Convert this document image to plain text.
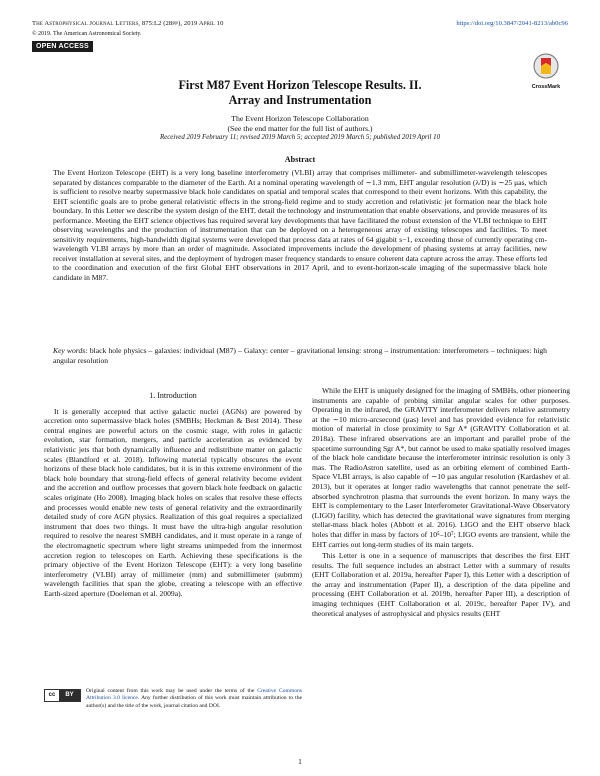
The Astrophysical Journal Letters, 875:L2 (28pp), 2019 April 10	https://doi.org/10.3847/2041-8213/ab0c96
© 2019. The American Astronomical Society.
OPEN ACCESS
CrossMark
First M87 Event Horizon Telescope Results. II.
Array and Instrumentation
The Event Horizon Telescope Collaboration
(See the end matter for the full list of authors.)
Received 2019 February 11; revised 2019 March 5; accepted 2019 March 5; published 2019 April 10
Abstract
The Event Horizon Telescope (EHT) is a very long baseline interferometry (VLBI) array that comprises millimeter- and submillimeter-wavelength telescopes separated by distances comparable to the diameter of the Earth. At a nominal operating wavelength of ∼1.3 mm, EHT angular resolution (λ/D) is ∼25 μas, which is sufficient to resolve nearby supermassive black hole candidates on spatial and temporal scales that correspond to their event horizons. With this capability, the EHT scientific goals are to probe general relativistic effects in the strong-field regime and to study accretion and relativistic jet formation near the black hole boundary. In this Letter we describe the system design of the EHT, detail the technology and instrumentation that enable observations, and provide measures of its performance. Meeting the EHT science objectives has required several key developments that have facilitated the robust extension of the VLBI technique to EHT observing wavelengths and the production of instrumentation that can be deployed on a heterogeneous array of existing telescopes and facilities. To meet sensitivity requirements, high-bandwidth digital systems were developed that process data at rates of 64 gigabit s−1, exceeding those of currently operating cm-wavelength VLBI arrays by more than an order of magnitude. Associated improvements include the development of phasing systems at array facilities, new receiver installation at several sites, and the deployment of hydrogen maser frequency standards to ensure coherent data capture across the array. These efforts led to the coordination and execution of the first Global EHT observations in 2017 April, and to event-horizon-scale imaging of the supermassive black hole candidate in M87.
Key words: black hole physics – galaxies: individual (M87) – Galaxy: center – gravitational lensing: strong – instrumentation: interferometers – techniques: high angular resolution
1. Introduction

It is generally accepted that active galactic nuclei (AGNs) are powered by accretion onto supermassive black holes (SMBHs; Heckman & Best 2014). These central engines are powerful actors on the cosmic stage, with roles in galactic evolution, star formation, mergers, and particle acceleration as evidenced by relativistic jets that both dynamically influence and redistribute matter on galactic scales (Blandford et al. 2018). Inflowing material typically obscures the event horizons of these black hole candidates, but it is in this extreme environment of the black hole boundary that strong-field effects of general relativity become evident and the accretion and outflow processes that govern black hole feedback on galactic scales originate (Ho 2008). Imaging black holes on scales that resolve these effects and processes would enable new tests of general relativity and the extraordinarily detailed study of core AGN physics. Realization of this goal requires a specialized instrument that does two things. It must have the ultra-high angular resolution required to resolve the nearest SMBH candidates, and it must operate in a range of the electromagnetic spectrum where light streams unimpeded from the innermost accretion region to telescopes on Earth. Achieving these specifications is the primary objective of the Event Horizon Telescope (EHT): a very long baseline interferometry (VLBI) array of millimeter (mm) and submillimeter (submm) wavelength facilities that span the globe, creating a telescope with an effective Earth-sized aperture (Doeleman et al. 2009a).

cc	BY
Original content from this work may be used under the terms of the Creative Commons Attribution 3.0 licence. Any further distribution of this work must maintain attribution to the author(s) and the title of the work, journal citation and DOI.

While the EHT is uniquely designed for the imaging of SMBHs, other pioneering instruments are capable of probing similar angular scales for other purposes. Operating in the infrared, the GRAVITY interferometer delivers relative astrometry at the ∼10 micro-arcsecond (μas) level and has provided evidence for relativistic motion of material in close proximity to Sgr A* (GRAVITY Collaboration et al. 2018a). These infrared observations are an important and parallel probe of the spacetime surrounding Sgr A*, but cannot be used to make spatially resolved images of the black hole candidate because the interferometer intrinsic resolution is only 3 mas. The RadioAstron satellite, used as an orbiting element of combined Earth-Space VLBI arrays, is also capable of ∼10 μas angular resolution (Kardashev et al. 2013), but it operates at longer radio wavelengths that cannot penetrate the self-absorbed synchrotron plasma that surrounds the event horizon. In many ways the EHT is complementary to the Laser Interferometer Gravitational-Wave Observatory (LIGO) facility, which has detected the gravitational wave signatures from merging stellar-mass black holes (Abbott et al. 2016). LIGO and the EHT observe black holes that differ in mass by factors of 10⁵–10⁷; LIGO events are transient, while the EHT carries out long-term studies of its main targets.

This Letter is one in a sequence of manuscripts that describes the first EHT results. The full sequence includes an abstract Letter with a summary of results (EHT Collaboration et al. 2019a, hereafter Paper I), this Letter with a description of the array and instrumentation (Paper II), a description of the data pipeline and processing (EHT Collaboration et al. 2019b, hereafter Paper III), a description of imaging techniques (EHT Collaboration et al. 2019c, hereafter Paper IV), and theoretical analyses of astrophysical and physics results (EHT

1
